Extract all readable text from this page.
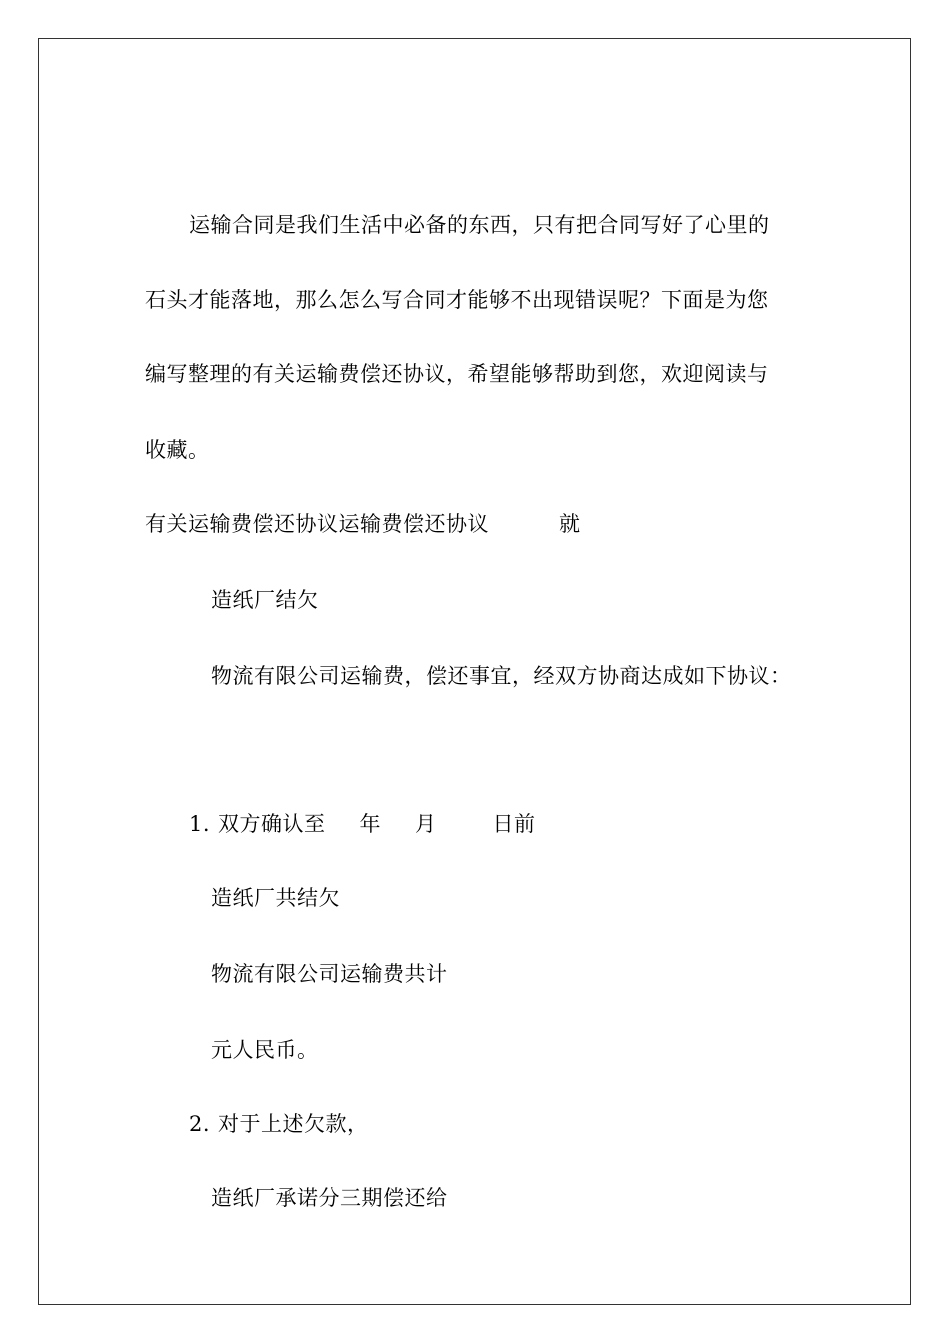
运输合同是我们生活中必备的东西，只有把合同写好了心里的
石头才能落地，那么怎么写合同才能够不出现错误呢？下面是为您
编写整理的有关运输费偿还协议，希望能够帮助到您，欢迎阅读与
收藏。
有关运输费偿还协议运输费偿还协议	就
造纸厂结欠
物流有限公司运输费，偿还事宜，经双方协商达成如下协议：
1. 双方确认至 年 月	日前
造纸厂共结欠
物流有限公司运输费共计
元人民币。
2. 对于上述欠款，
造纸厂承诺分三期偿还给
